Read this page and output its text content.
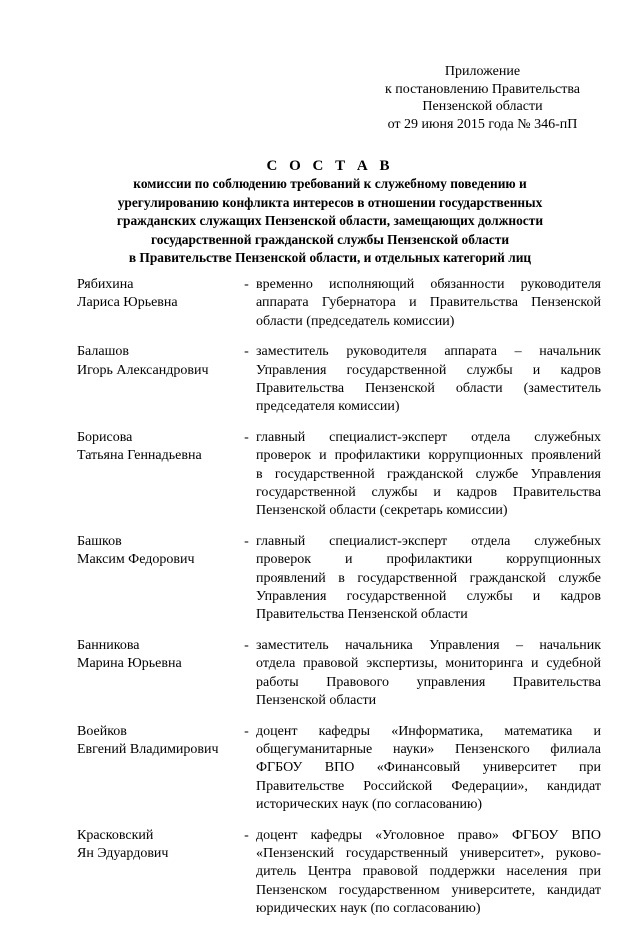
Приложение
к постановлению Правительства
Пензенской области
от 29 июня 2015 года № 346-пП
С О С Т А В
комиссии по соблюдению требований к служебному поведению и
урегулированию конфликта интересов в отношении государственных
гражданских служащих Пензенской области, замещающих должности
государственной гражданской службы Пензенской области
в Правительстве Пензенской области, и отдельных категорий лиц
Рябихина
Лариса Юрьевна
- временно исполняющий обязанности руководителя
аппарата Губернатора и Правительства Пензенской
области (председатель комиссии)
Балашов
Игорь Александрович
- заместитель руководителя аппарата – начальник
Управления государственной службы и кадров
Правительства Пензенской области (заместитель
председателя комиссии)
Борисова
Татьяна Геннадьевна
- главный специалист-эксперт отдела служебных
проверок и профилактики коррупционных проявлений
в государственной гражданской службе Управления
государственной службы и кадров Правительства
Пензенской области (секретарь комиссии)
Башков
Максим Федорович
- главный специалист-эксперт отдела служебных
проверок и профилактики коррупционных
проявлений в государственной гражданской службе
Управления государственной службы и кадров
Правительства Пензенской области
Банникова
Марина Юрьевна
- заместитель начальника Управления – начальник
отдела правовой экспертизы, мониторинга и судебной
работы Правового управления Правительства
Пензенской области
Воейков
Евгений Владимирович
- доцент кафедры «Информатика, математика и
общегуманитарные науки» Пензенского филиала
ФГБОУ ВПО «Финансовый университет при
Правительстве Российской Федерации», кандидат
исторических наук (по согласованию)
Красковский
Ян Эдуардович
- доцент кафедры «Уголовное право» ФГБОУ ВПО
«Пензенский государственный университет», руково-
дитель Центра правовой поддержки населения при
Пензенском государственном университете, кандидат
юридических наук (по согласованию)
